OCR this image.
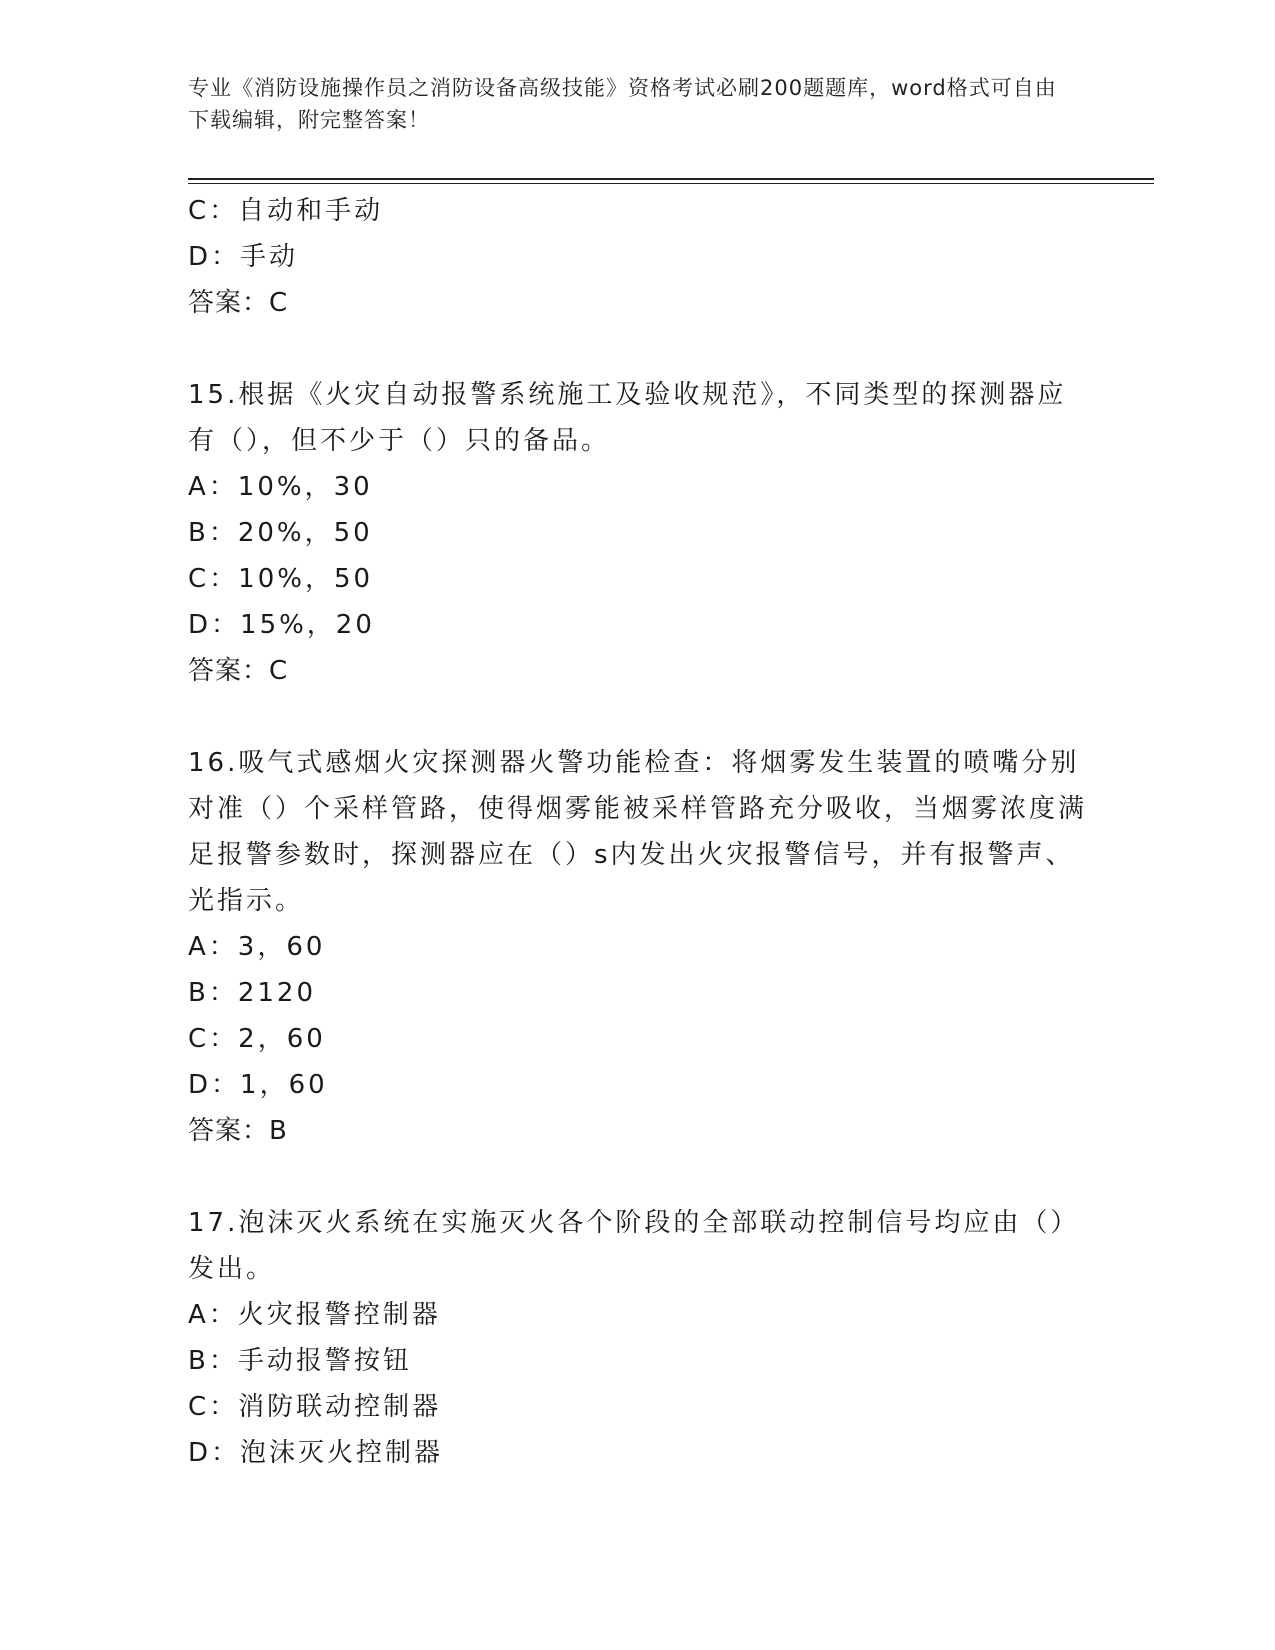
专业《消防设施操作员之消防设备高级技能》资格考试必刷200题题库，word格式可自由下载编辑，附完整答案！
C：自动和手动
D：手动
答案：C
15.根据《火灾自动报警系统施工及验收规范》，不同类型的探测器应有（），但不少于（）只的备品。
A：10%，30
B：20%，50
C：10%，50
D：15%，20
答案：C
16.吸气式感烟火灾探测器火警功能检查：将烟雾发生装置的喷嘴分别对准（）个采样管路，使得烟雾能被采样管路充分吸收，当烟雾浓度满足报警参数时，探测器应在（）s内发出火灾报警信号，并有报警声、光指示。
A：3，60
B：2120
C：2，60
D：1，60
答案：B
17.泡沫灭火系统在实施灭火各个阶段的全部联动控制信号均应由（）发出。
A：火灾报警控制器
B：手动报警按钮
C：消防联动控制器
D：泡沫灭火控制器
